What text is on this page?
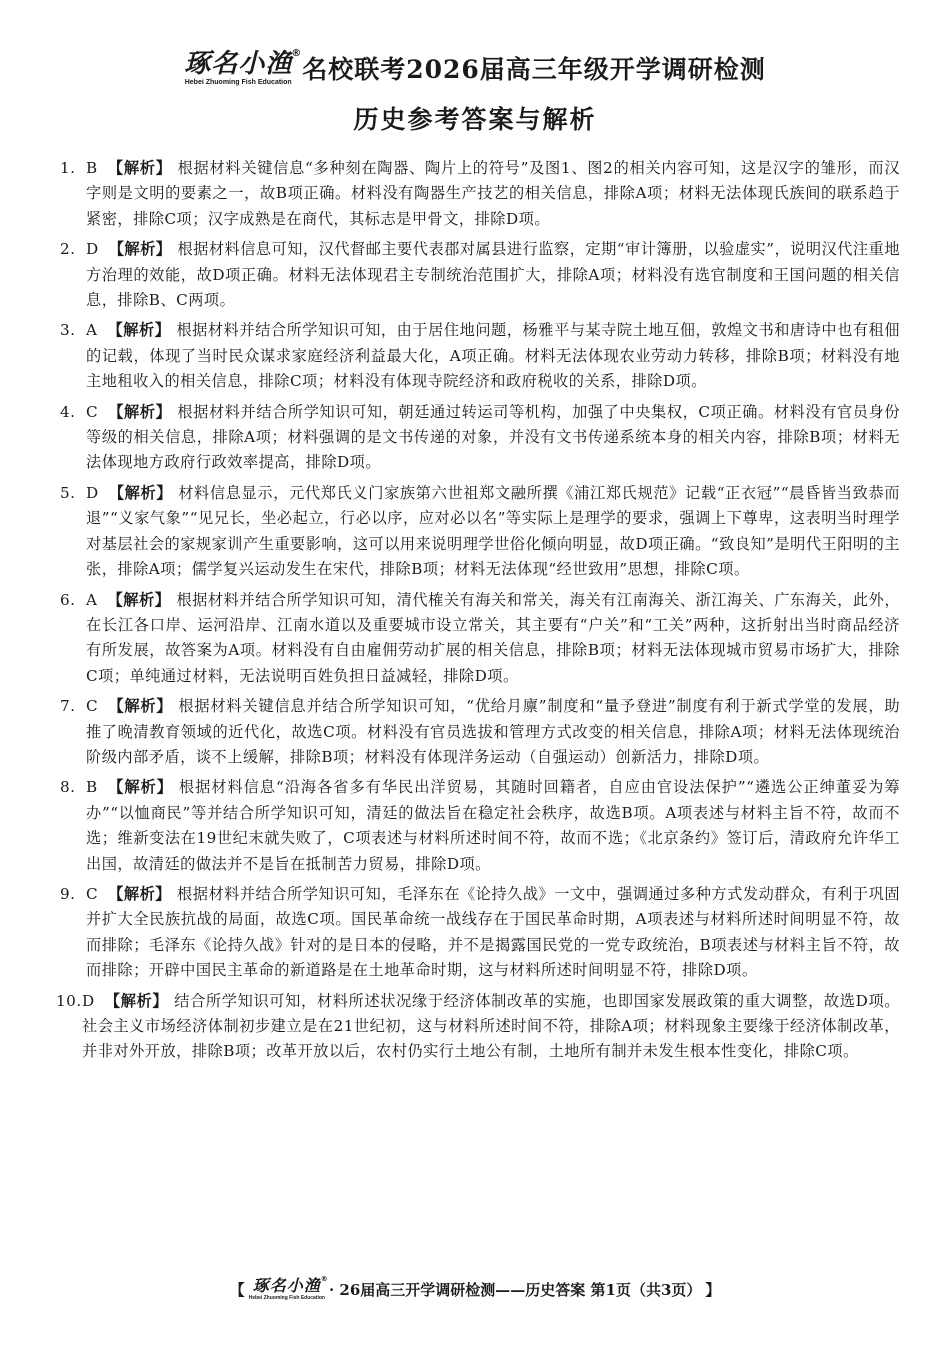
琢名小渔 ®
Hebei Zhuoming Fish Education 名校联考2026届高三年级开学调研检测
历史参考答案与解析
1. B 【解析】 根据材料关键信息“多种刻在陶器、陶片上的符号”及图1、图2的相关内容可知，这是汉字的雏形，而汉字则是文明的要素之一，故B项正确。材料没有陶器生产技艺的相关信息，排除A项；材料无法体现氏族间的联系趋于紧密，排除C项；汉字成熟是在商代，其标志是甲骨文，排除D项。
2. D 【解析】 根据材料信息可知，汉代督邮主要代表郡对属县进行监察，定期“审计簿册，以验虚实”，说明汉代注重地方治理的效能，故D项正确。材料无法体现君主专制统治范围扩大，排除A项；材料没有选官制度和王国问题的相关信息，排除B、C两项。
3. A 【解析】 根据材料并结合所学知识可知，由于居住地问题，杨雅平与某寺院土地互佃，敦煌文书和唐诗中也有租佃的记载，体现了当时民众谋求家庭经济利益最大化，A项正确。材料无法体现农业劳动力转移，排除B项；材料没有地主地租收入的相关信息，排除C项；材料没有体现寺院经济和政府税收的关系，排除D项。
4. C 【解析】 根据材料并结合所学知识可知，朝廷通过转运司等机构，加强了中央集权，C项正确。材料没有官员身份等级的相关信息，排除A项；材料强调的是文书传递的对象，并没有文书传递系统本身的相关内容，排除B项；材料无法体现地方政府行政效率提高，排除D项。
5. D 【解析】 材料信息显示，元代郑氏义门家族第六世祖郑文融所撰《浦江郑氏规范》记载“正衣冠”“晨昏皆当致恭而退”“义家气象”“见兄长，坐必起立，行必以序，应对必以名”等实际上是理学的要求，强调上下尊卑，这表明当时理学对基层社会的家规家训产生重要影响，这可以用来说明理学世俗化倾向明显，故D项正确。“致良知”是明代王阳明的主张，排除A项；儒学复兴运动发生在宋代，排除B项；材料无法体现“经世致用”思想，排除C项。
6. A 【解析】 根据材料并结合所学知识可知，清代榷关有海关和常关，海关有江南海关、浙江海关、广东海关，此外，在长江各口岸、运河沿岸、江南水道以及重要城市设立常关，其主要有“户关”和“工关”两种，这折射出当时商品经济有所发展，故答案为A项。材料没有自由雇佣劳动扩展的相关信息，排除B项；材料无法体现城市贸易市场扩大，排除C项；单纯通过材料，无法说明百姓负担日益减轻，排除D项。
7. C 【解析】 根据材料关键信息并结合所学知识可知，“优给月廪”制度和“量予登进”制度有利于新式学堂的发展，助推了晚清教育领域的近代化，故选C项。材料没有官员选拔和管理方式改变的相关信息，排除A项；材料无法体现统治阶级内部矛盾，谈不上缓解，排除B项；材料没有体现洋务运动（自强运动）创新活力，排除D项。
8. B 【解析】 根据材料信息“沿海各省多有华民出洋贸易，其随时回籍者，自应由官设法保护”“遴选公正绅董妥为筹办”“以恤商民”等并结合所学知识可知，清廷的做法旨在稳定社会秩序，故选B项。A项表述与材料主旨不符，故而不选；维新变法在19世纪末就失败了，C项表述与材料所述时间不符，故而不选；《北京条约》签订后，清政府允许华工出国，故清廷的做法并不是旨在抵制苦力贸易，排除D项。
9. C 【解析】 根据材料并结合所学知识可知，毛泽东在《论持久战》一文中，强调通过多种方式发动群众，有利于巩固并扩大全民族抗战的局面，故选C项。国民革命统一战线存在于国民革命时期，A项表述与材料所述时间明显不符，故而排除；毛泽东《论持久战》针对的是日本的侵略，并不是揭露国民党的一党专政统治，B项表述与材料主旨不符，故而排除；开辟中国民主革命的新道路是在土地革命时期，这与材料所述时间明显不符，排除D项。
10. D 【解析】 结合所学知识可知，材料所述状况缘于经济体制改革的实施，也即国家发展政策的重大调整，故选D项。社会主义市场经济体制初步建立是在21世纪初，这与材料所述时间不符，排除A项；材料现象主要缘于经济体制改革，并非对外开放，排除B项；改革开放以后，农村仍实行土地公有制，土地所有制并未发生根本性变化，排除C项。
【 琢名小渔 ®
Hebei Zhuoming Fish Education · 26届高三开学调研检测——历史答案 第1页（共3页） 】
